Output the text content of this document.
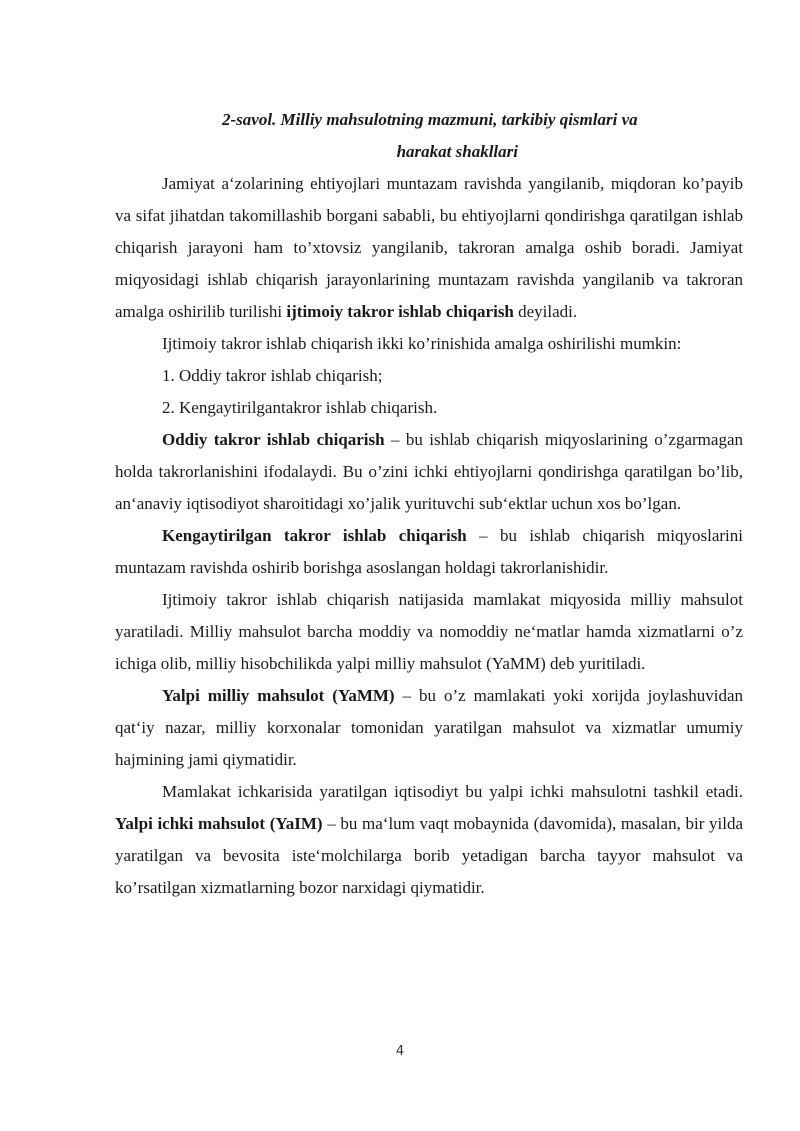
2-savol. Milliy mahsulotning mazmuni, tarkibiy qismlari va
harakat shakllari

Jamiyat a‘zolarining ehtiyojlari muntazam ravishda yangilanib, miqdoran ko’payib va sifat jihatdan takomillashib borgani sababli, bu ehtiyojlarni qondirishga qaratilgan ishlab chiqarish jarayoni ham to’xtovsiz yangilanib, takroran amalga oshib boradi. Jamiyat miqyosidagi ishlab chiqarish jarayonlarining muntazam ravishda yangilanib va takroran amalga oshirilib turilishi ijtimoiy takror ishlab chiqarish deyiladi.

Ijtimoiy takror ishlab chiqarish ikki ko’rinishida amalga oshirilishi mumkin:

1. Oddiy takror ishlab chiqarish;

2. Kengaytirilgantakror ishlab chiqarish.

Oddiy takror ishlab chiqarish – bu ishlab chiqarish miqyoslarining o’zgarmagan holda takrorlanishini ifodalaydi. Bu o’zini ichki ehtiyojlarni qondirishga qaratilgan bo’lib, an‘anaviy iqtisodiyot sharoitidagi xo’jalik yurituvchi sub‘ektlar uchun xos bo’lgan.

Kengaytirilgan takror ishlab chiqarish – bu ishlab chiqarish miqyoslarini muntazam ravishda oshirib borishga asoslangan holdagi takrorlanishidir.

Ijtimoiy takror ishlab chiqarish natijasida mamlakat miqyosida milliy mahsulot yaratiladi. Milliy mahsulot barcha moddiy va nomoddiy ne‘matlar hamda xizmatlarni o’z ichiga olib, milliy hisobchilikda yalpi milliy mahsulot (YaMM) deb yuritiladi.

Yalpi milliy mahsulot (YaMM) – bu o’z mamlakati yoki xorijda joylashuvidan qat‘iy nazar, milliy korxonalar tomonidan yaratilgan mahsulot va xizmatlar umumiy hajmining jami qiymatidir.

Mamlakat ichkarisida yaratilgan iqtisodiyt bu yalpi ichki mahsulotni tashkil etadi. Yalpi ichki mahsulot (YaIM) – bu ma‘lum vaqt mobaynida (davomida), masalan, bir yilda yaratilgan va bevosita iste‘molchilarga borib yetadigan barcha tayyor mahsulot va ko’rsatilgan xizmatlarning bozor narxidagi qiymatidir.

4
